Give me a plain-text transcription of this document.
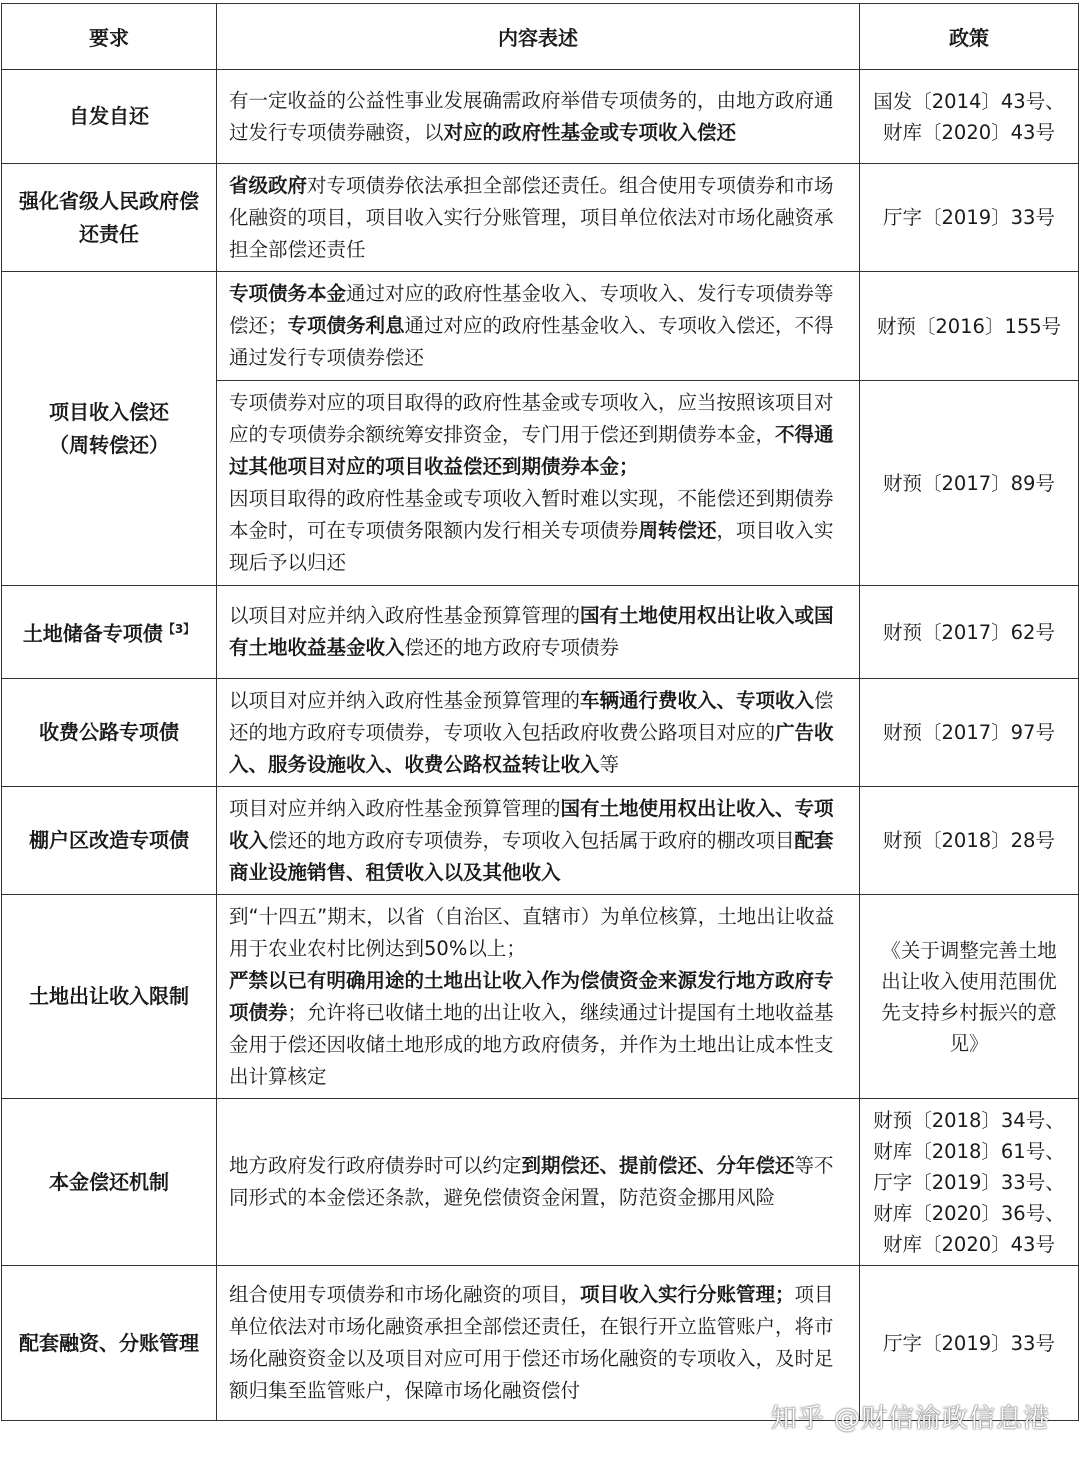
要求	内容表述	政策
自发自还	有一定收益的公益性事业发展确需政府举借专项债务的，由地方政府通过发行专项债券融资，以对应的政府性基金或专项收入偿还	国发〔2014〕43号、
财库〔2020〕43号

强化省级人民政府偿
还责任	省级政府对专项债券依法承担全部偿还责任。组合使用专项债券和市场化融资的项目，项目收入实行分账管理，项目单位依法对市场化融资承担全部偿还责任	厅字〔2019〕33号

项目收入偿还
（周转偿还）	专项债务本金通过对应的政府性基金收入、专项收入、发行专项债券等偿还；专项债务利息通过对应的政府性基金收入、专项收入偿还，不得通过发行专项债券偿还	财预〔2016〕155号

	专项债券对应的项目取得的政府性基金或专项收入，应当按照该项目对应的专项债券余额统筹安排资金，专门用于偿还到期债券本金，不得通过其他项目对应的项目收益偿还到期债券本金；
因项目取得的政府性基金或专项收入暂时难以实现，不能偿还到期债券本金时，可在专项债务限额内发行相关专项债券周转偿还，项目收入实现后予以归还	财预〔2017〕89号

土地储备专项债$^{【3】}$	以项目对应并纳入政府性基金预算管理的国有土地使用权出让收入或国有土地收益基金收入偿还的地方政府专项债券	财预〔2017〕62号

收费公路专项债	以项目对应并纳入政府性基金预算管理的车辆通行费收入、专项收入偿还的地方政府专项债券，专项收入包括政府收费公路项目对应的广告收入、服务设施收入、收费公路权益转让收入等	财预〔2017〕97号

棚户区改造专项债	项目对应并纳入政府性基金预算管理的国有土地使用权出让收入、专项收入偿还的地方政府专项债券，专项收入包括属于政府的棚改项目配套商业设施销售、租赁收入以及其他收入	财预〔2018〕28号

土地出让收入限制	到“十四五”期末，以省（自治区、直辖市）为单位核算，土地出让收益用于农业农村比例达到50%以上；
严禁以已有明确用途的土地出让收入作为偿债资金来源发行地方政府专项债券；允许将已收储土地的出让收入，继续通过计提国有土地收益基金用于偿还因收储土地形成的地方政府债务，并作为土地出让成本性支出计算核定	《关于调整完善土地
出让收入使用范围优
先支持乡村振兴的意
见》

本金偿还机制	地方政府发行政府债券时可以约定到期偿还、提前偿还、分年偿还等不同形式的本金偿还条款，避免偿债资金闲置，防范资金挪用风险	财预〔2018〕34号、
财库〔2018〕61号、
厅字〔2019〕33号、
财库〔2020〕36号、
财库〔2020〕43号

配套融资、分账管理	组合使用专项债券和市场化融资的项目，项目收入实行分账管理；项目单位依法对市场化融资承担全部偿还责任，在银行开立监管账户，将市场化融资资金以及项目对应可用于偿还市场化融资的专项收入，及时足额归集至监管账户，保障市场化融资偿付	厅字〔2019〕33号
知乎 @财信渝政信息港
